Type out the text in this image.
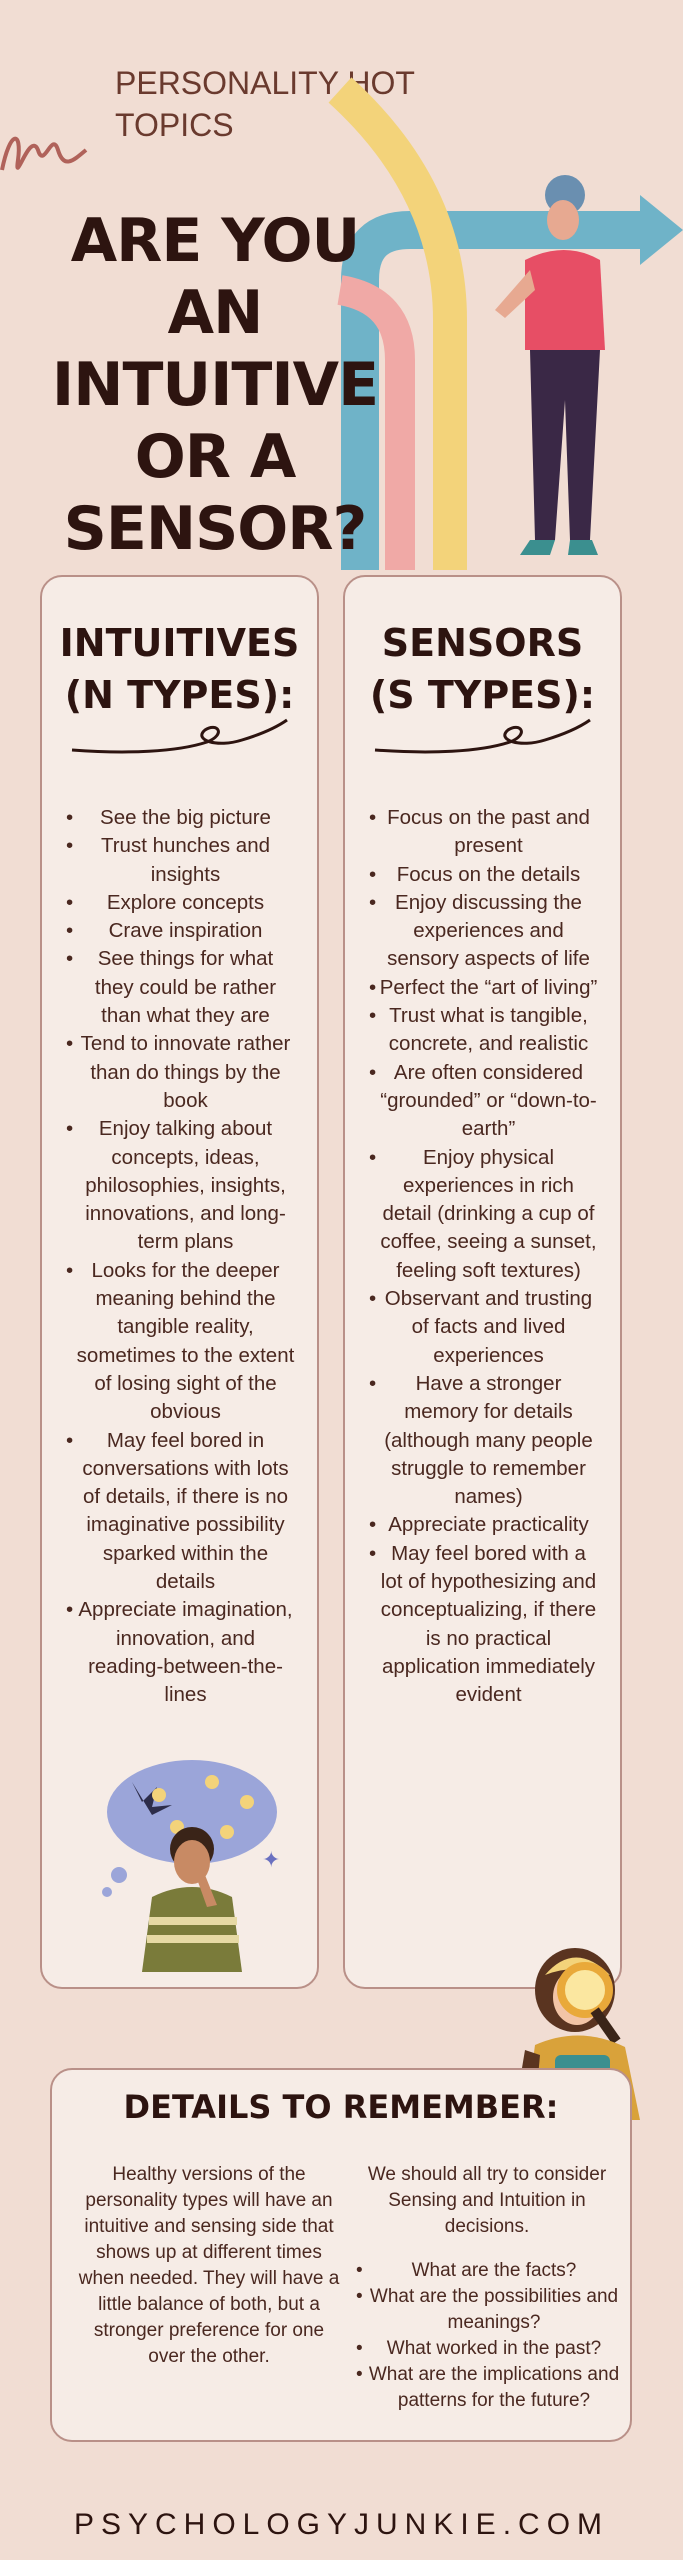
PERSONALITY HOT TOPICS
ARE YOU AN
INTUITIVE
OR A
SENSOR?
INTUITIVES
(N TYPES):
• See the big picture
• Trust hunches and insights
• Explore concepts
• Crave inspiration
• See things for what they could be rather than what they are
• Tend to innovate rather than do things by the book
• Enjoy talking about concepts, ideas, philosophies, insights, innovations, and long-term plans
• Looks for the deeper meaning behind the tangible reality, sometimes to the extent of losing sight of the obvious
• May feel bored in conversations with lots of details, if there is no imaginative possibility sparked within the details
• Appreciate imagination, innovation, and reading-between-the-lines
✦
SENSORS
(S TYPES):
• Focus on the past and present
• Focus on the details
• Enjoy discussing the experiences and sensory aspects of life
• Perfect the “art of living”
• Trust what is tangible, concrete, and realistic
• Are often considered “grounded” or “down-to-earth”
• Enjoy physical experiences in rich detail (drinking a cup of coffee, seeing a sunset, feeling soft textures)
• Observant and trusting of facts and lived experiences
• Have a stronger memory for details (although many people struggle to remember names)
• Appreciate practicality
• May feel bored with a lot of hypothesizing and conceptualizing, if there is no practical application immediately evident
DETAILS TO REMEMBER:
Healthy versions of the personality types will have an intuitive and sensing side that shows up at different times when needed. They will have a little balance of both, but a stronger preference for one over the other.
We should all try to consider Sensing and Intuition in decisions.
• What are the facts?
• What are the possibilities and meanings?
• What worked in the past?
• What are the implications and patterns for the future?
PSYCHOLOGYJUNKIE.COM
